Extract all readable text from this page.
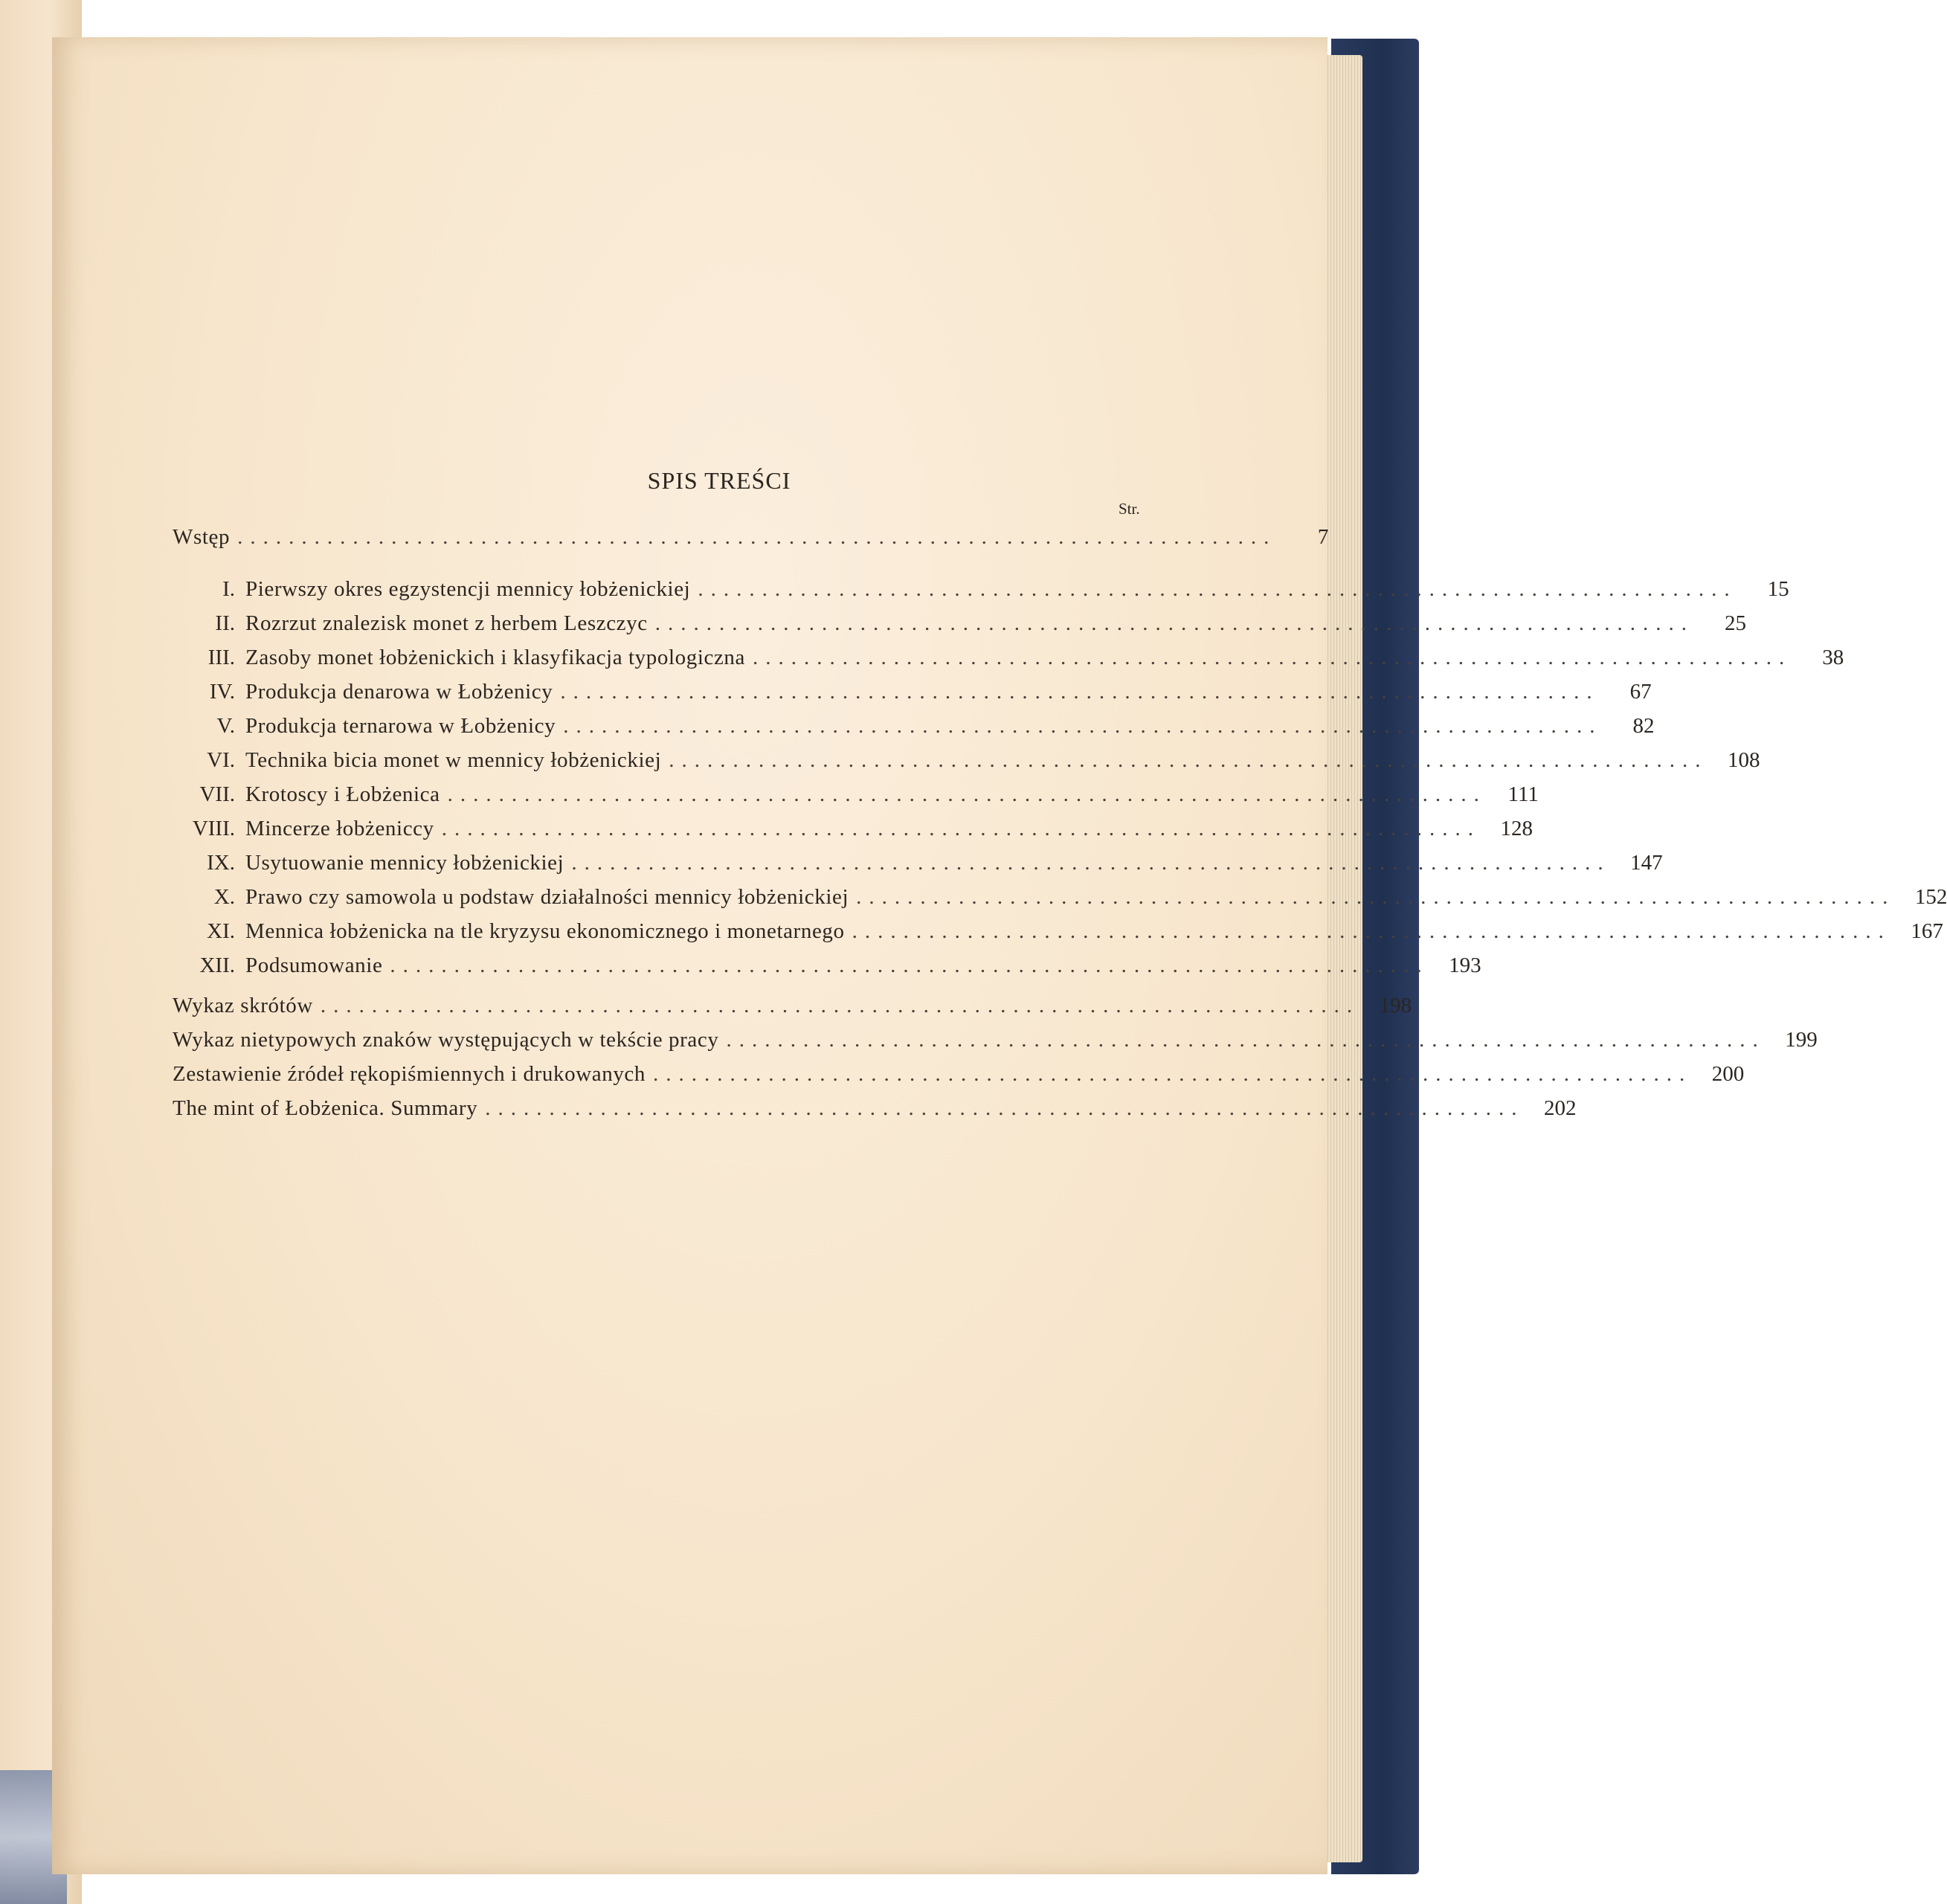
SPIS TREŚCI
Str.
Wstęp .................................................................................	7
I. Pierwszy okres egzystencji mennicy łobżenickiej .................................................................................	15
II. Rozrzut znalezisk monet z herbem Leszczyc .................................................................................	25
III. Zasoby monet łobżenickich i klasyfikacja typologiczna .................................................................................	38
IV. Produkcja denarowa w Łobżenicy .................................................................................	67
V. Produkcja ternarowa w Łobżenicy .................................................................................	82
VI. Technika bicia monet w mennicy łobżenickiej ................................................................................. 108
VII. Krotoscy i Łobżenica ................................................................................. 111
VIII. Mincerze łobżeniccy ................................................................................. 128
IX. Usytuowanie mennicy łobżenickiej ................................................................................. 147
X. Prawo czy samowola u podstaw działalności mennicy łobżenickiej ................................................................................. 152
XI. Mennica łobżenicka na tle kryzysu ekonomicznego i monetarnego ................................................................................. 167
XII. Podsumowanie ................................................................................. 193
Wykaz skrótów ................................................................................. 198
Wykaz nietypowych znaków występujących w tekście pracy ................................................................................. 199
Zestawienie źródeł rękopiśmiennych i drukowanych ................................................................................. 200
The mint of Łobżenica. Summary ................................................................................. 202
